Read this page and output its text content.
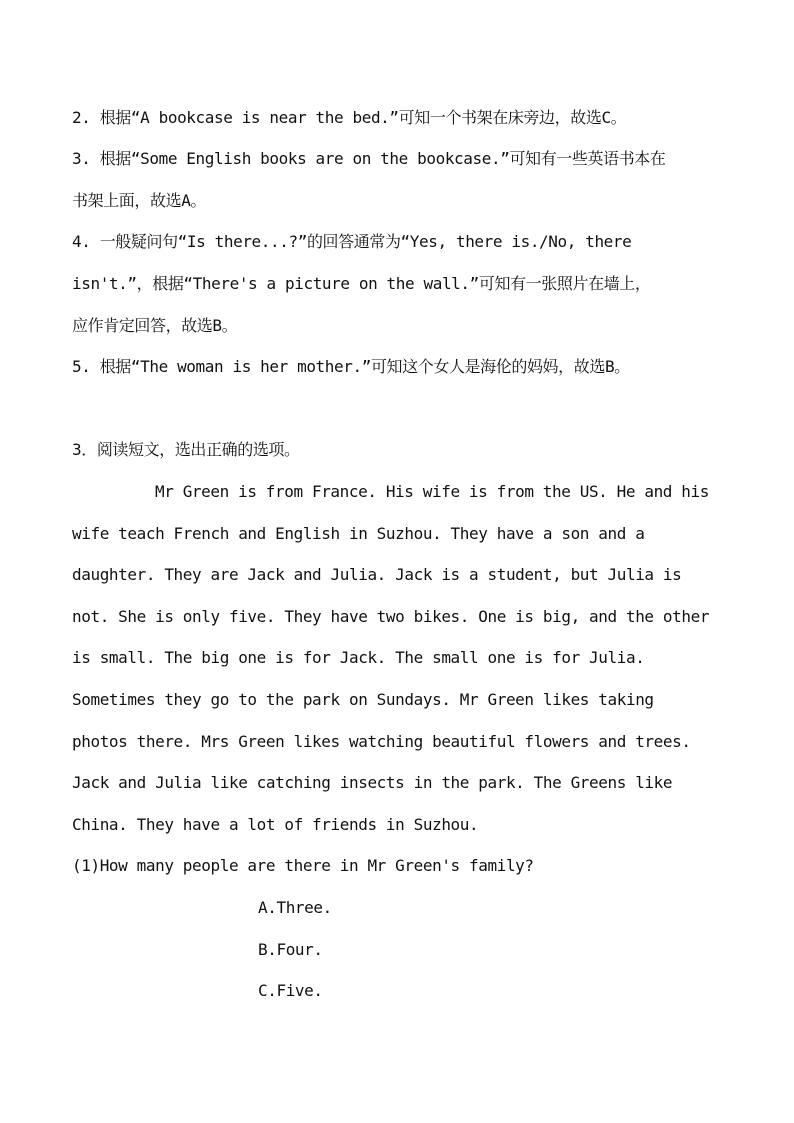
2. 根据“A bookcase is near the bed.”可知一个书架在床旁边，故选C。
3. 根据“Some English books are on the bookcase.”可知有一些英语书本在
书架上面，故选A。
4. 一般疑问句“Is there...?”的回答通常为“Yes, there is./No, there
isn't.”，根据“There's a picture on the wall.”可知有一张照片在墙上，
应作肯定回答，故选B。
5. 根据“The woman is her mother.”可知这个女人是海伦的妈妈，故选B。
3．阅读短文，选出正确的选项。
Mr Green is from France. His wife is from the US. He and his
wife teach French and English in Suzhou. They have a son and a
daughter. They are Jack and Julia. Jack is a student, but Julia is
not. She is only five. They have two bikes. One is big, and the other
is small. The big one is for Jack. The small one is for Julia.
Sometimes they go to the park on Sundays. Mr Green likes taking
photos there. Mrs Green likes watching beautiful flowers and trees.
Jack and Julia like catching insects in the park. The Greens like
China. They have a lot of friends in Suzhou.
(1)How many people are there in Mr Green's family?
A.Three.
B.Four.
C.Five.
